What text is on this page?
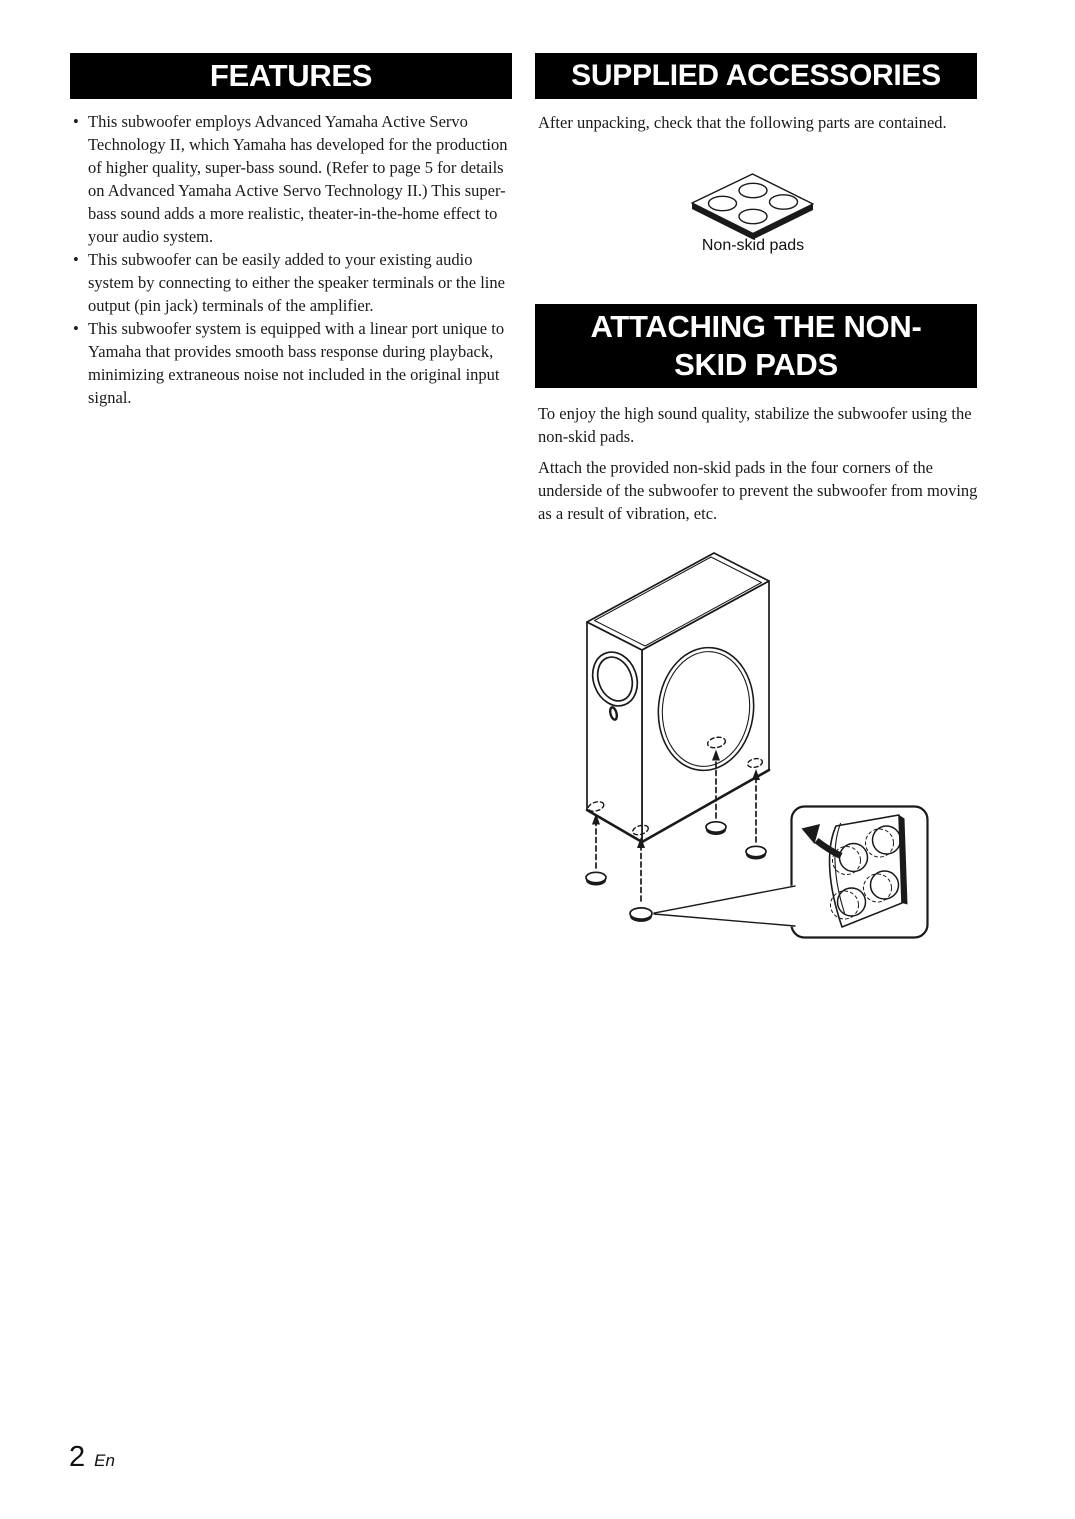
FEATURES
• This subwoofer employs Advanced Yamaha Active Servo Technology II, which Yamaha has developed for the production of higher quality, super-bass sound. (Refer to page 5 for details on Advanced Yamaha Active Servo Technology II.) This super-bass sound adds a more realistic, theater-in-the-home effect to your audio system.
• This subwoofer can be easily added to your existing audio system by connecting to either the speaker terminals or the line output (pin jack) terminals of the amplifier.
• This subwoofer system is equipped with a linear port unique to Yamaha that provides smooth bass response during playback, minimizing extraneous noise not included in the original input signal.
SUPPLIED ACCESSORIES

After unpacking, check that the following parts are contained.

Non-skid pads
ATTACHING THE NON-
SKID PADS

To enjoy the high sound quality, stabilize the subwoofer using the non-skid pads.

Attach the provided non-skid pads in the four corners of the underside of the subwoofer to prevent the subwoofer from moving as a result of vibration, etc.

2 En
